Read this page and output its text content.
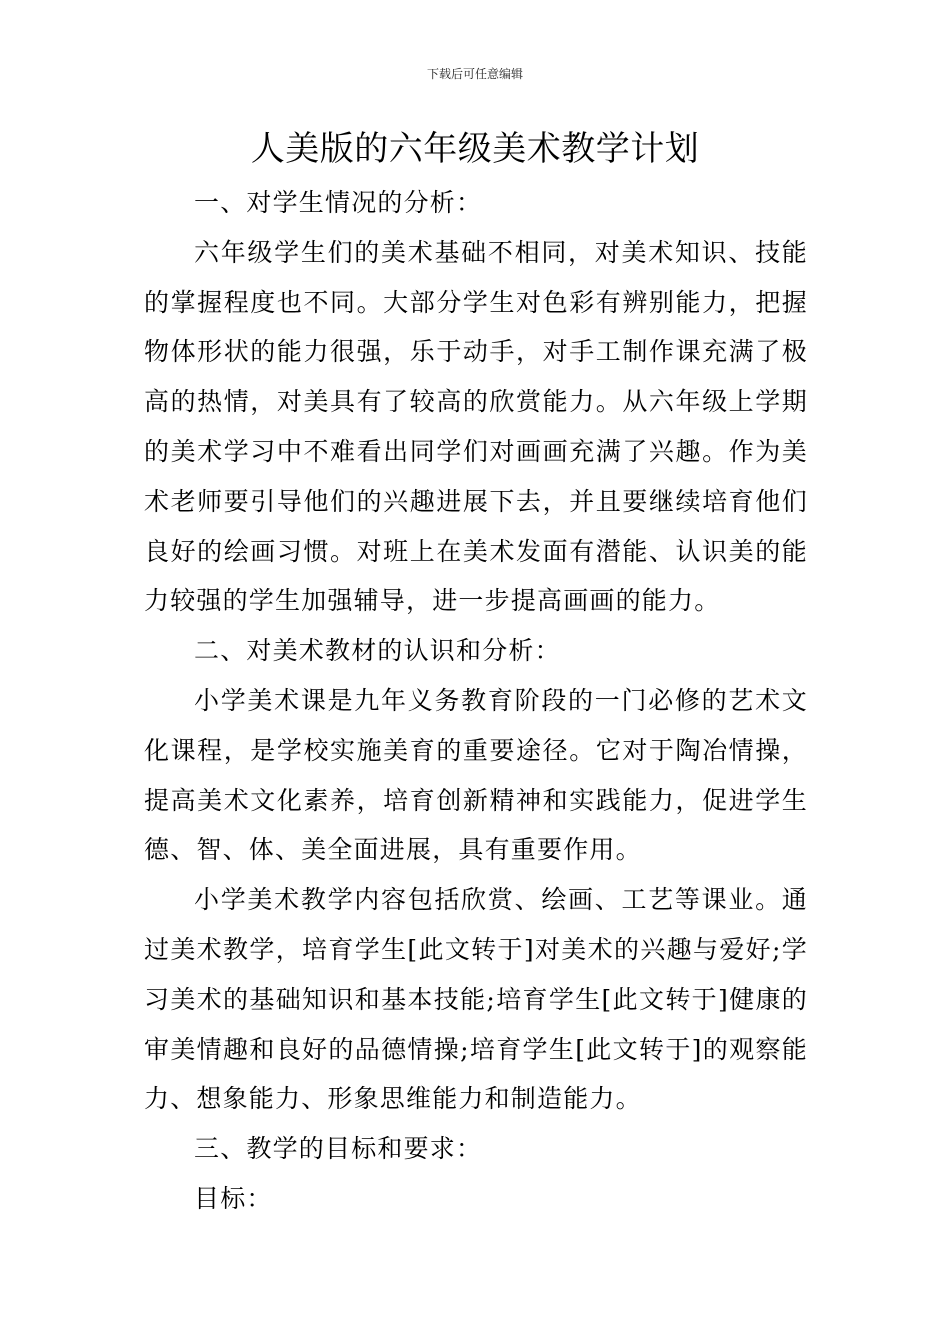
下载后可任意编辑
人美版的六年级美术教学计划

一、对学生情况的分析：

六年级学生们的美术基础不相同，对美术知识、技能的掌握程度也不同。大部分学生对色彩有辨别能力，把握物体形状的能力很强，乐于动手，对手工制作课充满了极高的热情，对美具有了较高的欣赏能力。从六年级上学期的美术学习中不难看出同学们对画画充满了兴趣。作为美术老师要引导他们的兴趣进展下去，并且要继续培育他们良好的绘画习惯。对班上在美术发面有潜能、认识美的能力较强的学生加强辅导，进一步提高画画的能力。

二、对美术教材的认识和分析：

小学美术课是九年义务教育阶段的一门必修的艺术文化课程，是学校实施美育的重要途径。它对于陶冶情操，提高美术文化素养，培育创新精神和实践能力，促进学生德、智、体、美全面进展，具有重要作用。

小学美术教学内容包括欣赏、绘画、工艺等课业。通过美术教学，培育学生[此文转于]对美术的兴趣与爱好;学习美术的基础知识和基本技能;培育学生[此文转于]健康的审美情趣和良好的品德情操;培育学生[此文转于]的观察能力、想象能力、形象思维能力和制造能力。

三、教学的目标和要求：

目标：
